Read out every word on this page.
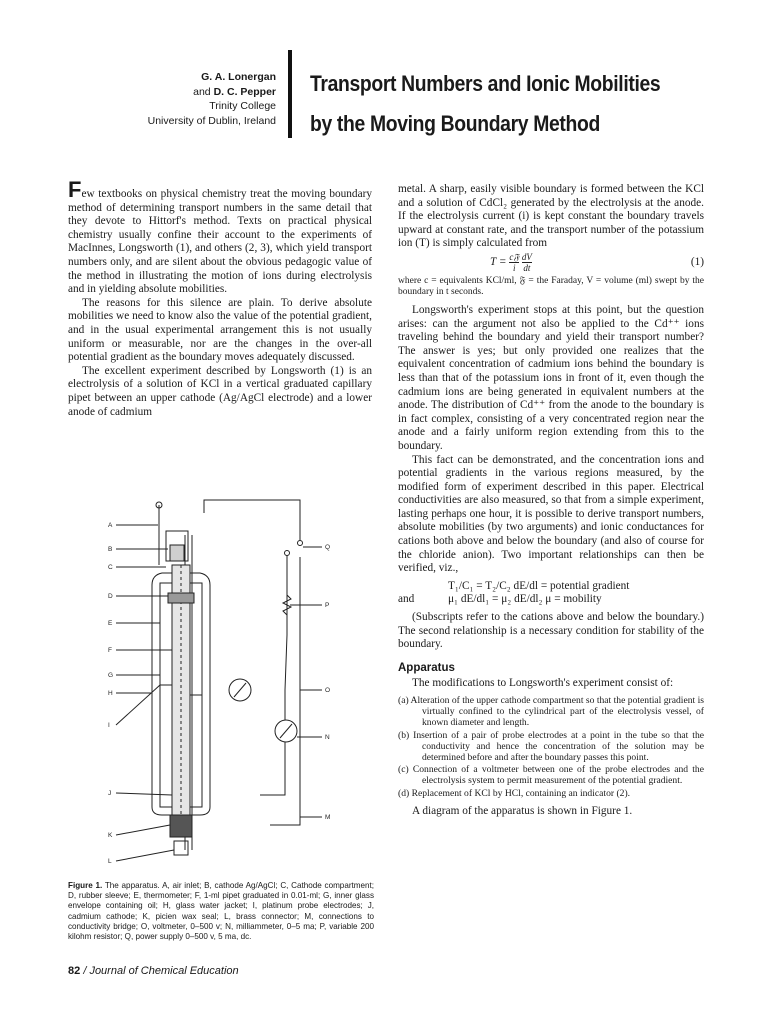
G. A. Lonergan
and D. C. Pepper
Trinity College
University of Dublin, Ireland
Transport Numbers and Ionic Mobilities
by the Moving Boundary Method

Few textbooks on physical chemistry treat the moving boundary method of determining transport numbers in the same detail that they devote to Hittorf's method. Texts on practical physical chemistry usually confine their account to the experiments of MacInnes, Longsworth (1), and others (2, 3), which yield transport numbers only, and are silent about the obvious pedagogic value of the method in illustrating the motion of ions during electrolysis and in yielding absolute mobilities.

The reasons for this silence are plain. To derive absolute mobilities we need to know also the value of the potential gradient, and in the usual experimental arrangement this is not usually uniform or measurable, nor are the changes in the over-all potential gradient as the boundary moves adequately discussed.

The excellent experiment described by Longsworth (1) is an electrolysis of a solution of KCl in a vertical graduated capillary pipet between an upper cathode (Ag/AgCl electrode) and a lower anode of cadmium

A
B
C
D
E
F
G
H
I
J
K
L
Q
P
O
N
M
Figure 1. The apparatus. A, air inlet; B, cathode Ag/AgCl; C, Cathode compartment; D, rubber sleeve; E, thermometer; F, 1-ml pipet graduated in 0.01-ml; G, inner glass envelope containing oil; H, glass water jacket; I, platinum probe electrodes; J, cadmium cathode; K, picien wax seal; L, brass connector; M, connections to conductivity bridge; O, voltmeter, 0–500 v; N, milliammeter, 0–5 ma; P, variable 200 kilohm resistor; Q, power supply 0–500 v, 5 ma, dc.

metal. A sharp, easily visible boundary is formed between the KCl and a solution of CdCl₂ generated by the electrolysis at the anode. If the electrolysis current (i) is kept constant the boundary travels upward at constant rate, and the transport number of the potassium ion (T) is simply calculated from

$T = \frac{\text{c𝔉}}{i}$
$\frac{dV}{dt}$	(1)

where c = equivalents KCl/ml, 𝔉 = the Faraday, V = volume (ml) swept by the boundary in t seconds.

Longsworth's experiment stops at this point, but the question arises: can the argument not also be applied to the Cd⁺⁺ ions traveling behind the boundary and yield their transport number? The answer is yes; but only provided one realizes that the equivalent concentration of cadmium ions behind the boundary is less than that of the potassium ions in front of it, even though the cadmium ions are being generated in equivalent numbers at the anode. The distribution of Cd⁺⁺ from the anode to the boundary is in fact complex, consisting of a very concentrated region near the anode and a fairly uniform region extending from this to the boundary.

This fact can be demonstrated, and the concentration ions and potential gradients in the various regions measured, by the modified form of experiment described in this paper. Electrical conductivities are also measured, so that from a simple experiment, lasting perhaps one hour, it is possible to derive transport numbers, absolute mobilities (by two arguments) and ionic conductances for cations both above and below the boundary (and also of course for the chloride anion). Two important relationships can then be verified, viz.,

T₁/C₁ = T₂/C₂ dE/dl = potential gradient
and	μ₁ dE/dl₁ = μ₂ dE/dl₂ μ = mobility

(Subscripts refer to the cations above and below the boundary.) The second relationship is a necessary condition for stability of the boundary.

Apparatus

The modifications to Longsworth's experiment consist of:

(a) Alteration of the upper cathode compartment so that the potential gradient is virtually confined to the cylindrical part of the electrolysis vessel, of known diameter and length.
(b) Insertion of a pair of probe electrodes at a point in the tube so that the conductivity and hence the concentration of the solution may be determined before and after the boundary passes this point.
(c) Connection of a voltmeter between one of the probe electrodes and the electrolysis system to permit measurement of the potential gradient.
(d) Replacement of KCl by HCl, containing an indicator (2).

A diagram of the apparatus is shown in Figure 1.

82 / Journal of Chemical Education
